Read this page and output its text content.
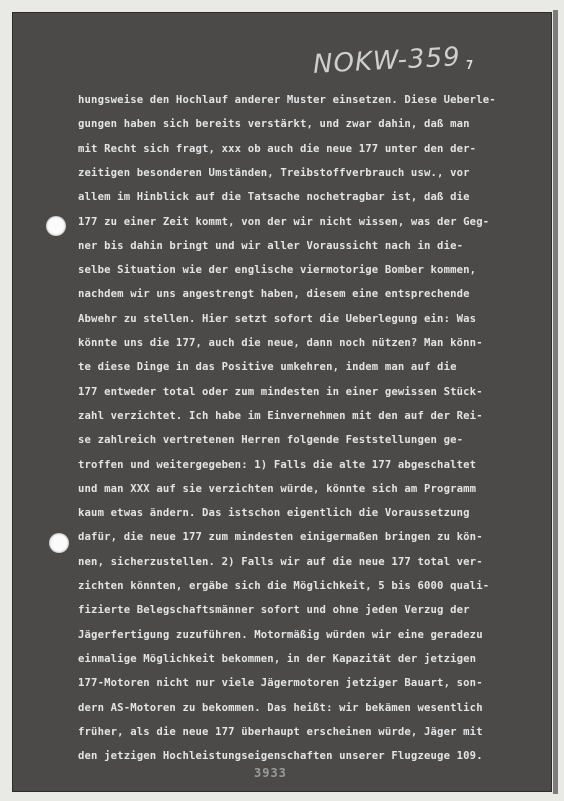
NOKW-359 7
hungsweise den Hochlauf anderer Muster einsetzen. Diese Ueberle-
gungen haben sich bereits verstärkt, und zwar dahin, daß man
mit Recht sich fragt, xxx ob auch die neue 177 unter den der-
zeitigen besonderen Umständen, Treibstoffverbrauch usw., vor
allem im Hinblick auf die Tatsache nochetragbar ist, daß die
177 zu einer Zeit kommt, von der wir nicht wissen, was der Geg-
ner bis dahin bringt und wir aller Voraussicht nach in die-
selbe Situation wie der englische viermotorige Bomber kommen,
nachdem wir uns angestrengt haben, diesem eine entsprechende
Abwehr zu stellen. Hier setzt sofort die Ueberlegung ein: Was
könnte uns die 177, auch die neue, dann noch nützen? Man könn-
te diese Dinge in das Positive umkehren, indem man auf die
177 entweder total oder zum mindesten in einer gewissen Stück-
zahl verzichtet. Ich habe im Einvernehmen mit den auf der Rei-
se zahlreich vertretenen Herren folgende Feststellungen ge-
troffen und weitergegeben: 1) Falls die alte 177 abgeschaltet
und man XXX auf sie verzichten würde, könnte sich am Programm
kaum etwas ändern. Das istschon eigentlich die Voraussetzung
dafür, die neue 177 zum mindesten einigermaßen bringen zu kön-
nen, sicherzustellen. 2) Falls wir auf die neue 177 total ver-
zichten könnten, ergäbe sich die Möglichkeit, 5 bis 6000 quali-
fizierte Belegschaftsmänner sofort und ohne jeden Verzug der
Jägerfertigung zuzuführen. Motormäßig würden wir eine geradezu
einmalige Möglichkeit bekommen, in der Kapazität der jetzigen
177-Motoren nicht nur viele Jägermotoren jetziger Bauart, son-
dern AS-Motoren zu bekommen. Das heißt: wir bekämen wesentlich
früher, als die neue 177 überhaupt erscheinen würde, Jäger mit
den jetzigen Hochleistungseigenschaften unserer Flugzeuge 109.
3933
